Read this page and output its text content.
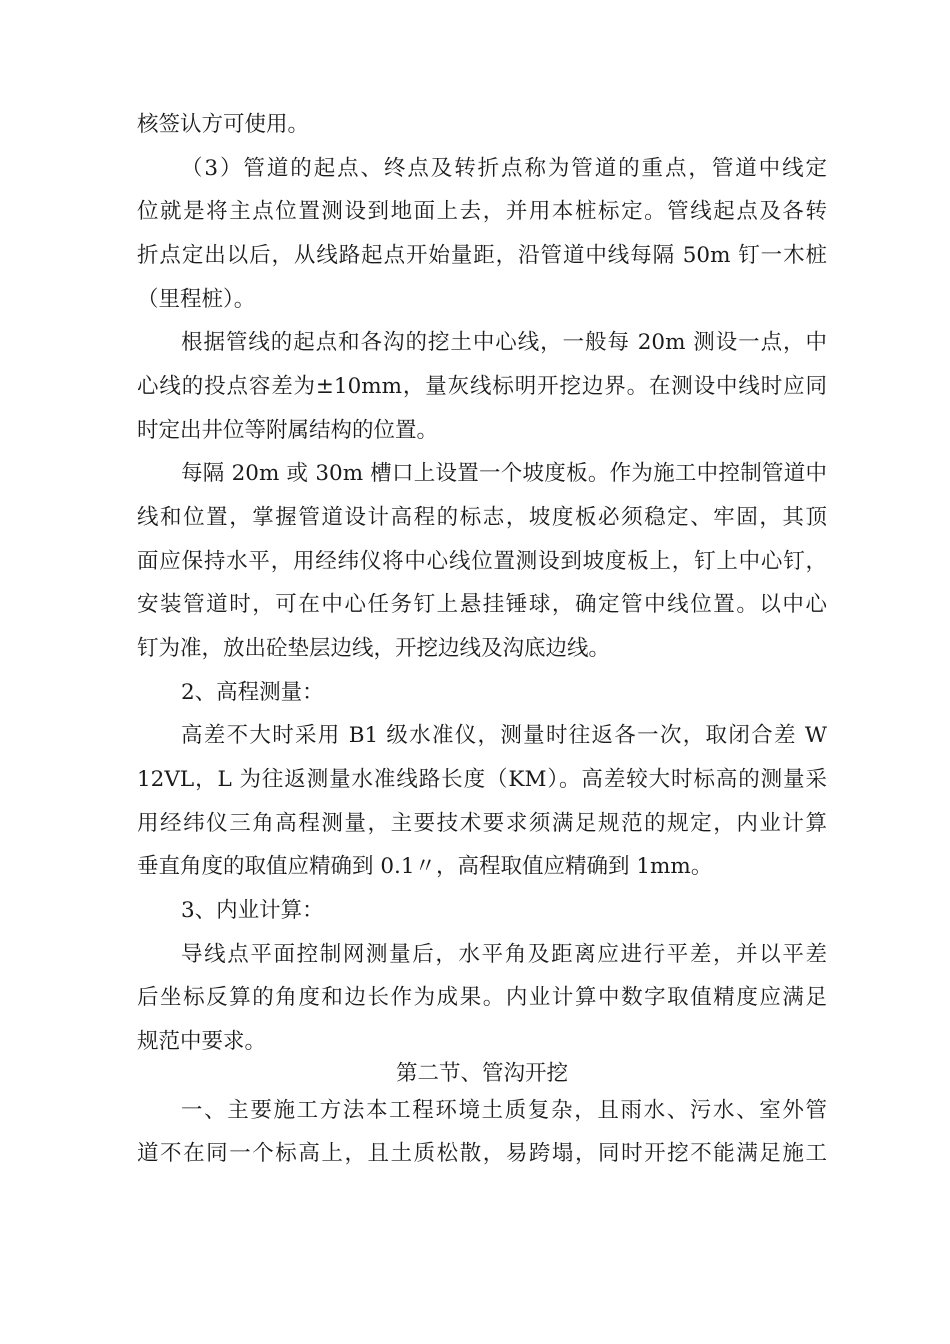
核签认方可使用。
（3）管道的起点、终点及转折点称为管道的重点，管道中线定
位就是将主点位置测设到地面上去，并用本桩标定。管线起点及各转
折点定出以后，从线路起点开始量距，沿管道中线每隔 50m 钉一木桩
（里程桩）。
根据管线的起点和各沟的挖土中心线，一般每 20m 测设一点，中
心线的投点容差为±10mm，量灰线标明开挖边界。在测设中线时应同
时定出井位等附属结构的位置。
每隔 20m 或 30m 槽口上设置一个坡度板。作为施工中控制管道中
线和位置，掌握管道设计高程的标志，坡度板必须稳定、牢固，其顶
面应保持水平，用经纬仪将中心线位置测设到坡度板上，钉上中心钉，
安装管道时，可在中心任务钉上悬挂锤球，确定管中线位置。以中心
钉为准，放出砼垫层边线，开挖边线及沟底边线。
2、高程测量：
高差不大时采用 B1 级水准仪，测量时往返各一次，取闭合差 W
12VL，L 为往返测量水准线路长度（KM）。高差较大时标高的测量采
用经纬仪三角高程测量，主要技术要求须满足规范的规定，内业计算
垂直角度的取值应精确到 0.1〃，高程取值应精确到 1mm。
3、内业计算：
导线点平面控制网测量后，水平角及距离应进行平差，并以平差
后坐标反算的角度和边长作为成果。内业计算中数字取值精度应满足
规范中要求。
第二节、管沟开挖
一、主要施工方法本工程环境土质复杂，且雨水、污水、室外管
道不在同一个标高上，且土质松散，易跨塌，同时开挖不能满足施工
